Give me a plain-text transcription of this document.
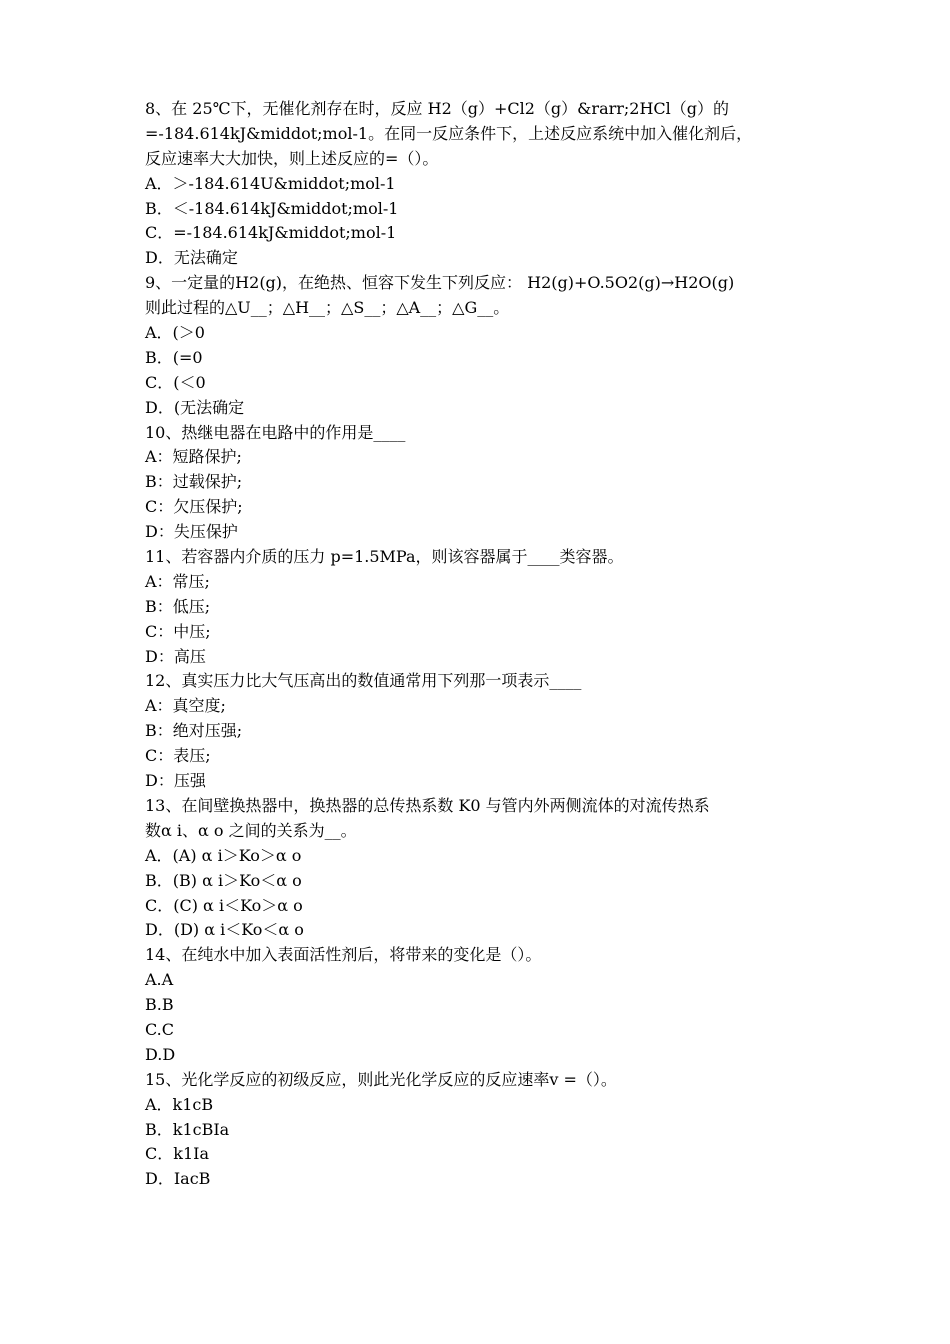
8、在 25℃下，无催化剂存在时，反应 H2（g）+Cl2（g）&rarr;2HCl（g）的
=-184.614kJ&middot;mol-1。在同一反应条件下，上述反应系统中加入催化剂后，
反应速率大大加快，则上述反应的=（）。
A．＞-184.614U&middot;mol-1
B．＜-184.614kJ&middot;mol-1
C．=-184.614kJ&middot;mol-1
D．无法确定
9、一定量的H2(g)，在绝热、恒容下发生下列反应： H2(g)+O.5O2(g)→H2O(g)
则此过程的△U__；△H__；△S__；△A__；△G__。
A．(＞0
B．(=0
C．(＜0
D．(无法确定
10、热继电器在电路中的作用是____
A：短路保护;
B：过载保护;
C：欠压保护;
D：失压保护
11、若容器内介质的压力 p=1.5MPa，则该容器属于____类容器。
A：常压;
B：低压;
C：中压;
D：高压
12、真实压力比大气压高出的数值通常用下列那一项表示____
A：真空度;
B：绝对压强;
C：表压;
D：压强
13、在间壁换热器中，换热器的总传热系数 K0 与管内外两侧流体的对流传热系
数α i、α o 之间的关系为__。
A．(A) α i＞Ko＞α o
B．(B) α i＞Ko＜α o
C．(C) α i＜Ko＞α o
D．(D) α i＜Ko＜α o
14、在纯水中加入表面活性剂后，将带来的变化是（）。
A.A
B.B
C.C
D.D
15、光化学反应的初级反应，则此光化学反应的反应速率v =（）。
A．k1cB
B．k1cBIa
C．k1Ia
D．IacB
